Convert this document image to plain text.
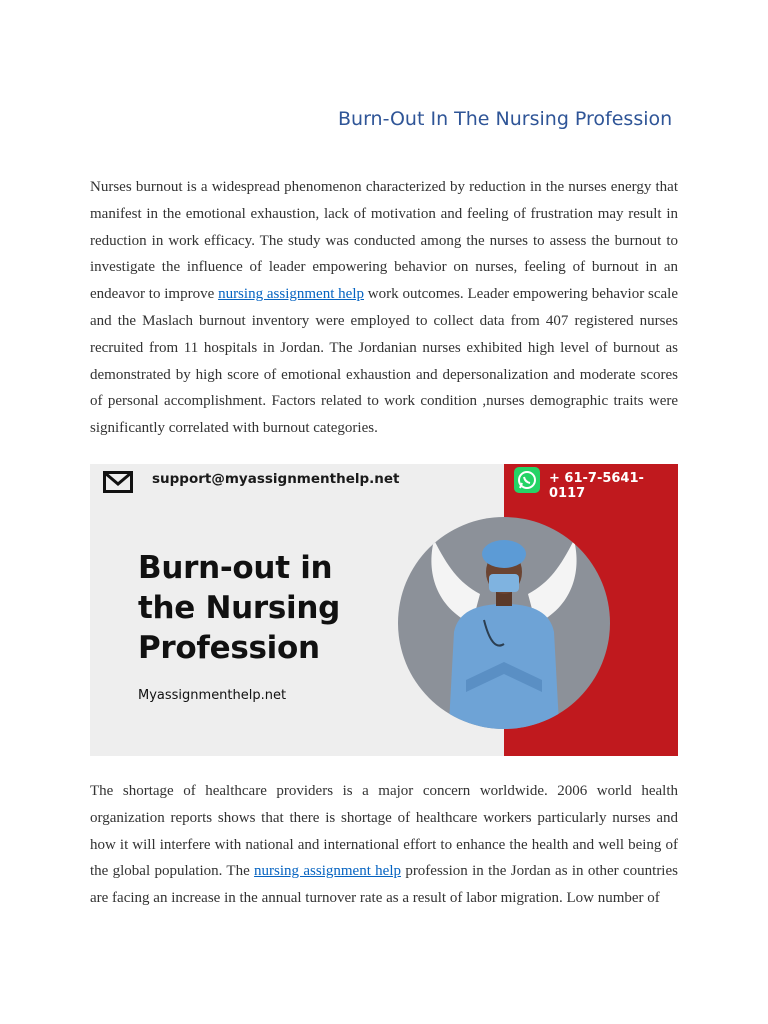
Burn-Out In The Nursing Profession

Nurses burnout is a widespread phenomenon characterized by reduction in the nurses energy that manifest in the emotional exhaustion, lack of motivation and feeling of frustration may result in reduction in work efficacy. The study was conducted among the nurses to assess the burnout to investigate the influence of leader empowering behavior on nurses, feeling of burnout in an endeavor to improve nursing assignment help work outcomes. Leader empowering behavior scale and the Maslach burnout inventory were employed to collect data from 407 registered nurses recruited from 11 hospitals in Jordan. The Jordanian nurses exhibited high level of burnout as demonstrated by high score of emotional exhaustion and depersonalization and moderate scores of personal accomplishment. Factors related to work condition ,nurses demographic traits were significantly correlated with burnout categories.

support@myassignmenthelp.net	+ 61-7-5641-0117
Burn-out in
the Nursing
Profession
Myassignmenthelp.net

The shortage of healthcare providers is a major concern worldwide. 2006 world health organization reports shows that there is shortage of healthcare workers particularly nurses and how it will interfere with national and international effort to enhance the health and well being of the global population. The nursing assignment help profession in the Jordan as in other countries are facing an increase in the annual turnover rate as a result of labor migration. Low number of
